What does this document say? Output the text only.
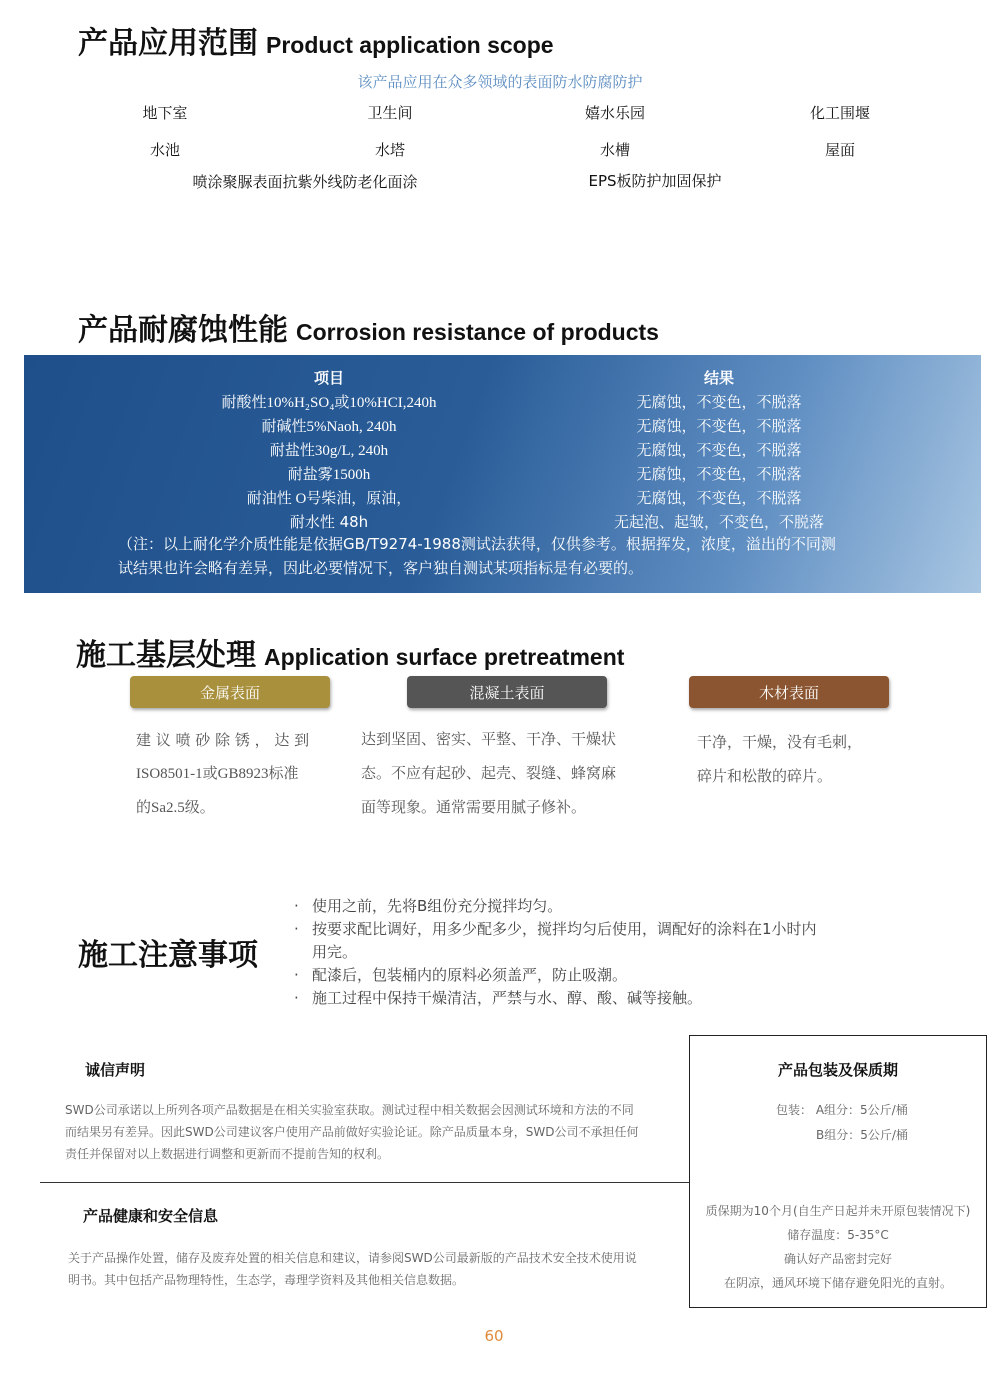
产品应用范围 Product application scope
该产品应用在众多领域的表面防水防腐防护
地下室	卫生间	嬉水乐园	化工围堰
水池	水塔	水槽	屋面
喷涂聚脲表面抗紫外线防老化面涂	EPS板防护加固保护
产品耐腐蚀性能 Corrosion resistance of products
项目	结果
耐酸性10%H₂SO₄或10%HCI,240h	无腐蚀，不变色，不脱落
耐碱性5%Naoh, 240h	无腐蚀，不变色，不脱落
耐盐性30g/L, 240h	无腐蚀，不变色，不脱落
耐盐雾1500h	无腐蚀，不变色，不脱落
耐油性 O号柴油，原油，	无腐蚀，不变色，不脱落
耐水性 48h	无起泡、起皱，不变色，不脱落
（注：以上耐化学介质性能是依据GB/T9274-1988测试法获得，仅供参考。根据挥发，浓度，溢出的不同测
试结果也许会略有差异，因此必要情况下，客户独自测试某项指标是有必要的。
施工基层处理 Application surface pretreatment
金属表面	混凝土表面	木材表面
建 议 喷 砂 除 锈 ， 达 到
ISO8501-1或GB8923标准
的Sa2.5级。
达到坚固、密实、平整、干净、干燥状
态。不应有起砂、起壳、裂缝、蜂窝麻
面等现象。通常需要用腻子修补。
干净，干燥，没有毛刺，
碎片和松散的碎片。
施工注意事项
· 使用之前，先将B组份充分搅拌均匀。
· 按要求配比调好，用多少配多少，搅拌均匀后使用，调配好的涂料在1小时内
用完。
· 配漆后，包装桶内的原料必须盖严，防止吸潮。
· 施工过程中保持干燥清洁，严禁与水、醇、酸、碱等接触。
诚信声明
SWD公司承诺以上所列各项产品数据是在相关实验室获取。测试过程中相关数据会因测试环境和方法的不同
而结果另有差异。因此SWD公司建议客户使用产品前做好实验论证。除产品质量本身，SWD公司不承担任何
责任并保留对以上数据进行调整和更新而不提前告知的权利。
产品健康和安全信息
关于产品操作处置，储存及废弃处置的相关信息和建议，请参阅SWD公司最新版的产品技术安全技术使用说
明书。其中包括产品物理特性，生态学，毒理学资料及其他相关信息数据。
产品包装及保质期
包装： A组分：5公斤/桶
B组分：5公斤/桶
质保期为10个月(自生产日起并未开原包装情况下)
储存温度：5-35°C
确认好产品密封完好
在阴凉，通风环境下储存避免阳光的直射。
60
